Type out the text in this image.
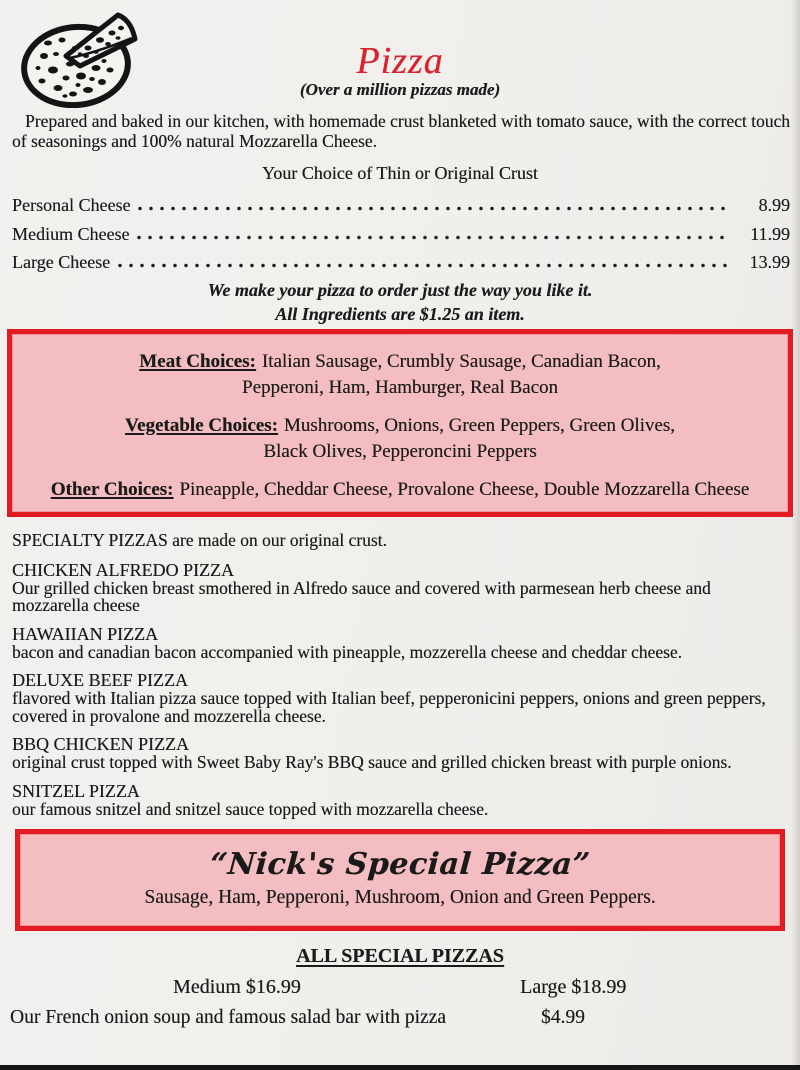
Pizza
(Over a million pizzas made)

Prepared and baked in our kitchen, with homemade crust blanketed with tomato sauce, with the correct touch of seasonings and 100% natural Mozzarella Cheese.

Your Choice of Thin or Original Crust
Personal Cheese	8.99
Medium Cheese	11.99
Large Cheese	13.99
We make your pizza to order just the way you like it.
All Ingredients are $1.25 an item.
Meat Choices: Italian Sausage, Crumbly Sausage, Canadian Bacon,
Pepperoni, Ham, Hamburger, Real Bacon
Vegetable Choices: Mushrooms, Onions, Green Peppers, Green Olives,
Black Olives, Pepperoncini Peppers
Other Choices: Pineapple, Cheddar Cheese, Provalone Cheese, Double Mozzarella Cheese
SPECIALTY PIZZAS are made on our original crust.
CHICKEN ALFREDO PIZZA
Our grilled chicken breast smothered in Alfredo sauce and covered with parmesean herb cheese and mozzarella cheese
HAWAIIAN PIZZA
bacon and canadian bacon accompanied with pineapple, mozzerella cheese and cheddar cheese.
DELUXE BEEF PIZZA
flavored with Italian pizza sauce topped with Italian beef, pepperonicini peppers, onions and green peppers, covered in provalone and mozzerella cheese.
BBQ CHICKEN PIZZA
original crust topped with Sweet Baby Ray's BBQ sauce and grilled chicken breast with purple onions.
SNITZEL PIZZA
our famous snitzel and snitzel sauce topped with mozzarella cheese.
“Nick's Special Pizza”
Sausage, Ham, Pepperoni, Mushroom, Onion and Green Peppers.
ALL SPECIAL PIZZAS
Medium $16.99	Large $18.99
Our French onion soup and famous salad bar with pizza	$4.99
